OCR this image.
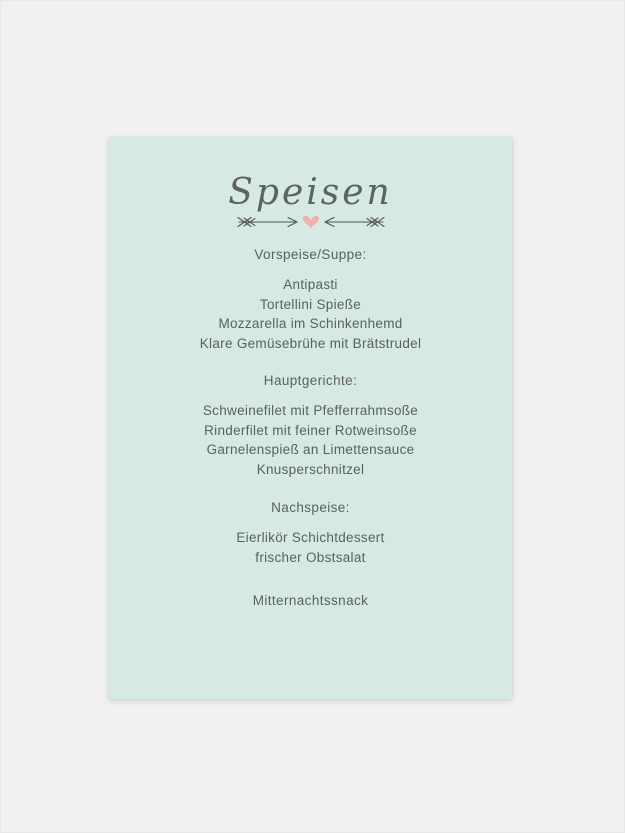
Speisen
Vorspeise/Suppe:
Antipasti
Tortellini Spieße
Mozzarella im Schinkenhemd
Klare Gemüsebrühe mit Brätstrudel
Hauptgerichte:
Schweinefilet mit Pfefferrahmsoße
Rinderfilet mit feiner Rotweinsoße
Garnelenspieß an Limettensauce
Knusperschnitzel
Nachspeise:
Eierlikör Schichtdessert
frischer Obstsalat
Mitternachtssnack
